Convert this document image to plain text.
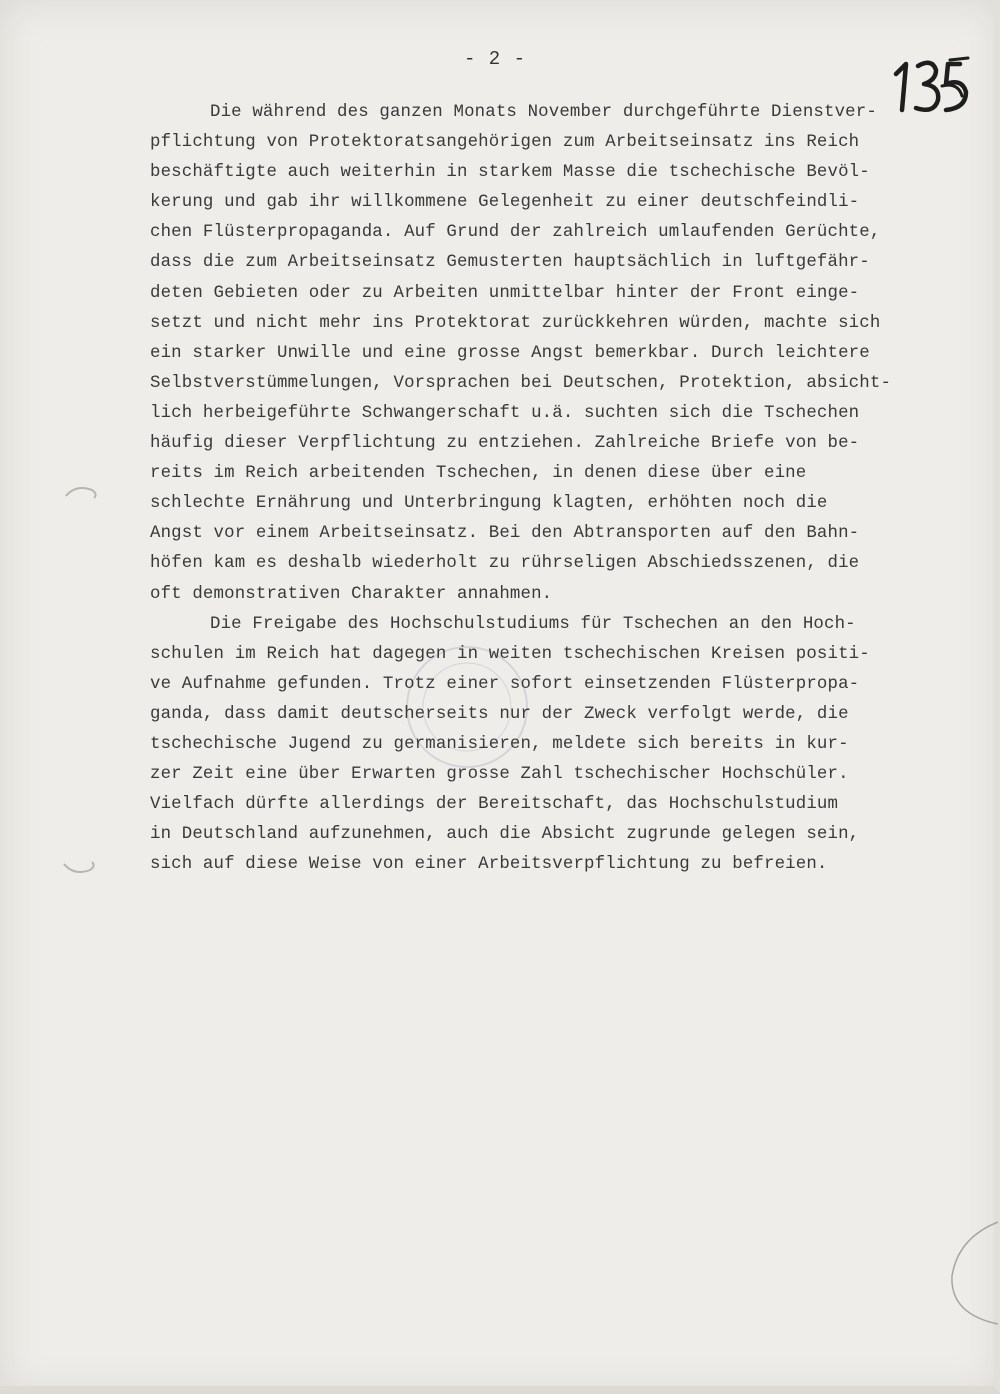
- 2 -
Die während des ganzen Monats November durchgeführte Dienstver-
pflichtung von Protektoratsangehörigen zum Arbeitseinsatz ins Reich
beschäftigte auch weiterhin in starkem Masse die tschechische Bevöl-
kerung und gab ihr willkommene Gelegenheit zu einer deutschfeindli-
chen Flüsterpropaganda. Auf Grund der zahlreich umlaufenden Gerüchte,
dass die zum Arbeitseinsatz Gemusterten hauptsächlich in luftgefähr-
deten Gebieten oder zu Arbeiten unmittelbar hinter der Front einge-
setzt und nicht mehr ins Protektorat zurückkehren würden, machte sich
ein starker Unwille und eine grosse Angst bemerkbar. Durch leichtere
Selbstverstümmelungen, Vorsprachen bei Deutschen, Protektion, absicht-
lich herbeigeführte Schwangerschaft u.ä. suchten sich die Tschechen
häufig dieser Verpflichtung zu entziehen. Zahlreiche Briefe von be-
reits im Reich arbeitenden Tschechen, in denen diese über eine
schlechte Ernährung und Unterbringung klagten, erhöhten noch die
Angst vor einem Arbeitseinsatz. Bei den Abtransporten auf den Bahn-
höfen kam es deshalb wiederholt zu rührseligen Abschiedsszenen, die
oft demonstrativen Charakter annahmen.
Die Freigabe des Hochschulstudiums für Tschechen an den Hoch-
schulen im Reich hat dagegen in weiten tschechischen Kreisen positi-
ve Aufnahme gefunden. Trotz einer sofort einsetzenden Flüsterpropa-
ganda, dass damit deutscherseits nur der Zweck verfolgt werde, die
tschechische Jugend zu germanisieren, meldete sich bereits in kur-
zer Zeit eine über Erwarten grosse Zahl tschechischer Hochschüler.
Vielfach dürfte allerdings der Bereitschaft, das Hochschulstudium
in Deutschland aufzunehmen, auch die Absicht zugrunde gelegen sein,
sich auf diese Weise von einer Arbeitsverpflichtung zu befreien.
